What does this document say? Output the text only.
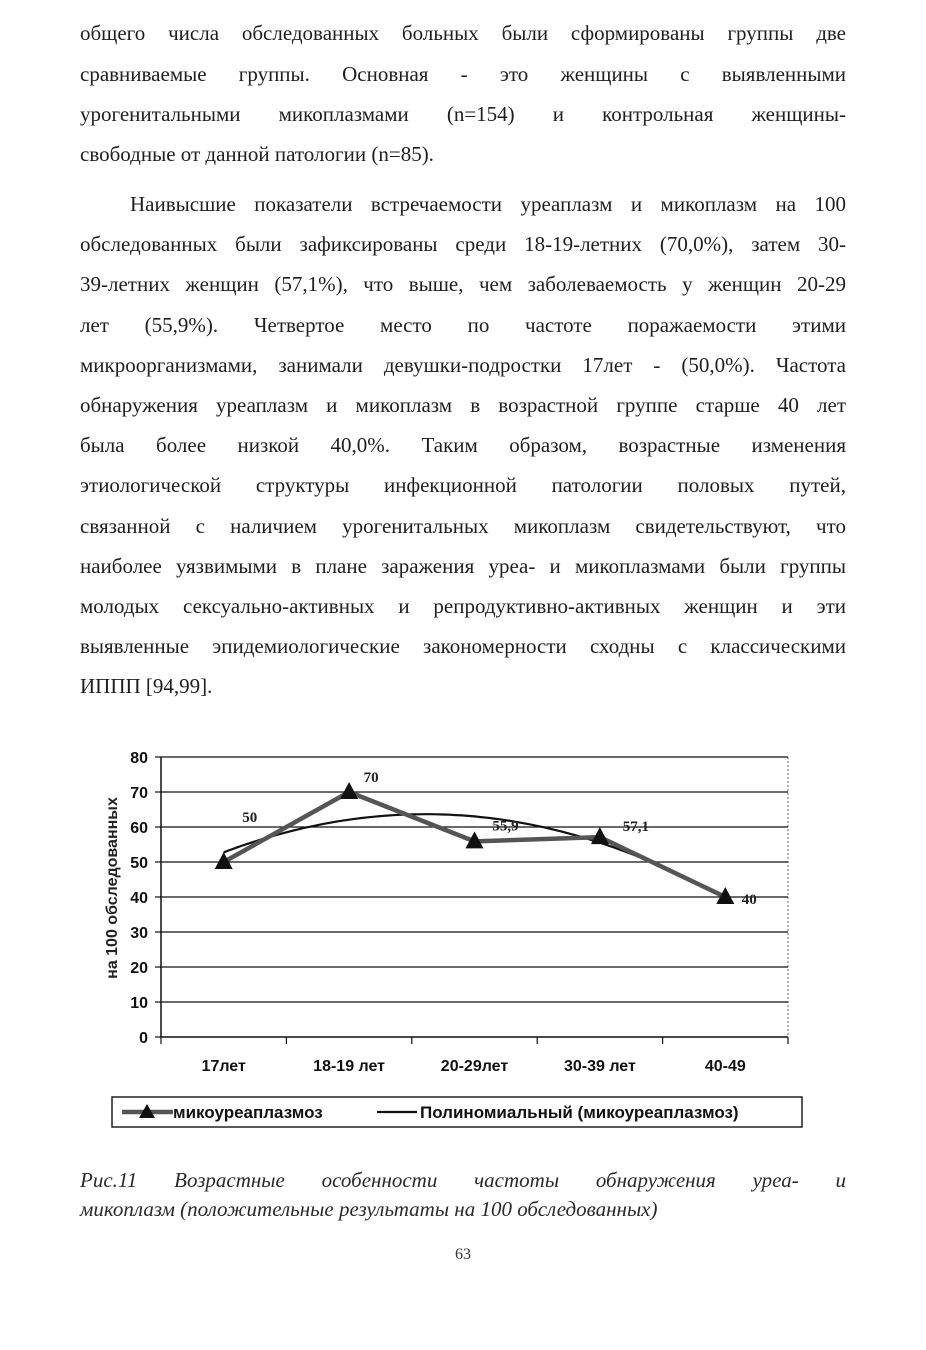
общего числа обследованных больных были сформированы группы две
сравниваемые группы. Основная - это женщины с выявленными
урогенитальными микоплазмами (n=154) и контрольная женщины-
свободные от данной патологии (n=85).
Наивысшие показатели встречаемости уреаплазм и микоплазм на 100
обследованных были зафиксированы среди 18-19-летних (70,0%), затем 30-
39-летних женщин (57,1%), что выше, чем заболеваемость у женщин 20-29
лет (55,9%). Четвертое место по частоте поражаемости этими
микроорганизмами, занимали девушки-подростки 17лет - (50,0%). Частота
обнаружения уреаплазм и микоплазм в возрастной группе старше 40 лет
была более низкой 40,0%. Таким образом, возрастные изменения
этиологической структуры инфекционной патологии половых путей,
связанной с наличием урогенитальных микоплазм свидетельствуют, что
наиболее уязвимыми в плане заражения уреа- и микоплазмами были группы
молодых сексуально-активных и репродуктивно-активных женщин и эти
выявленные эпидемиологические закономерности сходны с классическими
ИППП [94,99].
0
10
20
30
40
50
60
70
80
17лет	18-19 лет	20-29лет	30-39 лет	40-49
50
70
55,9	57,1
40
на 100 обследованных
микоуреаплазмоз	Полиномиальный (микоуреаплазмоз)
Рис.11 Возрастные особенности частоты обнаружения уреа- и
микоплазм (положительные результаты на 100 обследованных)
63
